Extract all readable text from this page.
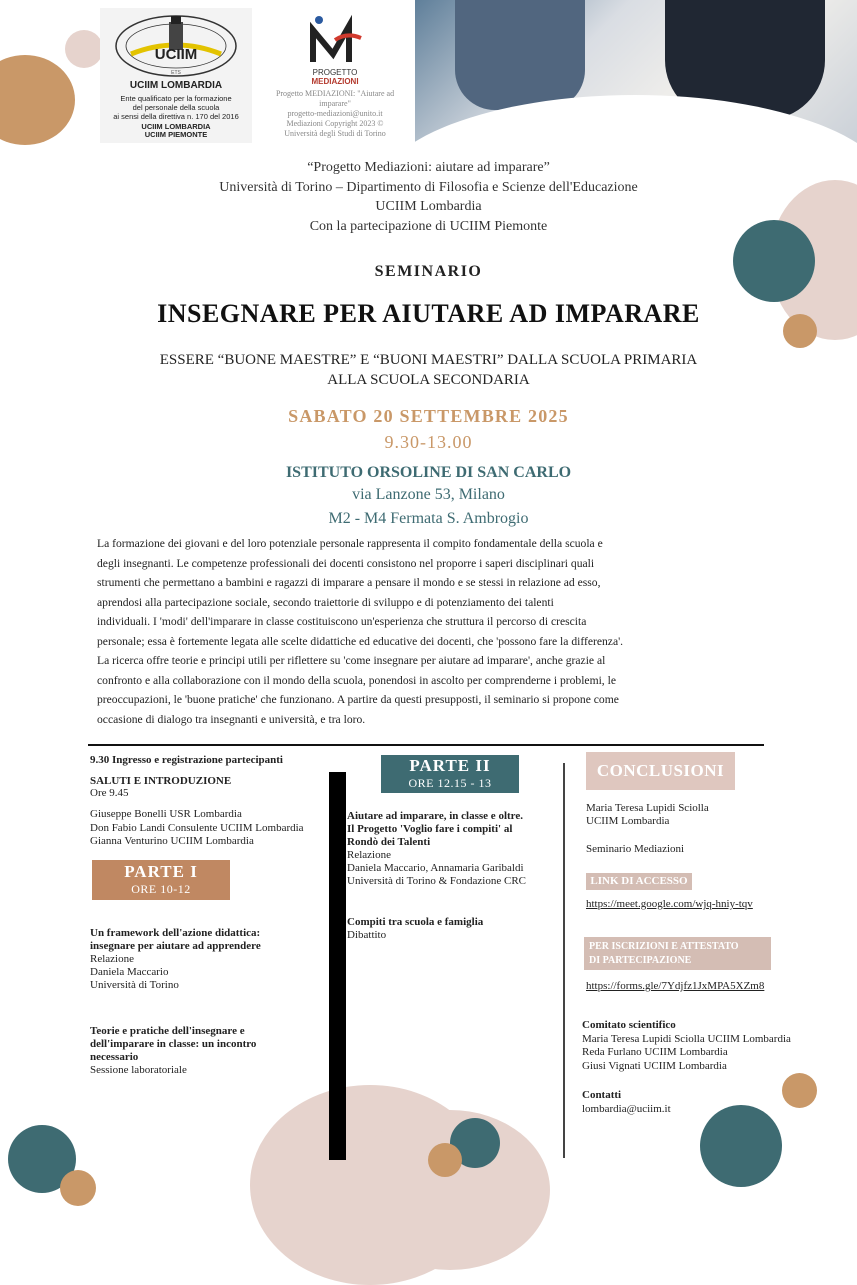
UCIIM
ETS
UCIIM LOMBARDIA
Ente qualificato per la formazione
del personale della scuola
ai sensi della direttiva n. 170 del 2016
UCIIM LOMBARDIA
UCIIM PIEMONTE
PROGETTO
MEDIAZIONI
Progetto MEDIAZIONI: "Aiutare ad
imparare"
progetto-mediazioni@unito.it
Mediazioni Copyright 2023 ©
Università degli Studi di Torino
“Progetto Mediazioni: aiutare ad imparare”
Università di Torino – Dipartimento di Filosofia e Scienze dell'Educazione
UCIIM Lombardia
Con la partecipazione di UCIIM Piemonte
SEMINARIO
INSEGNARE PER AIUTARE AD IMPARARE
ESSERE “BUONE MAESTRE” E “BUONI MAESTRI” DALLA SCUOLA PRIMARIA
ALLA SCUOLA SECONDARIA
SABATO 20 SETTEMBRE 2025
9.30-13.00
ISTITUTO ORSOLINE DI SAN CARLO
via Lanzone 53, Milano
M2 - M4 Fermata S. Ambrogio
La formazione dei giovani e del loro potenziale personale rappresenta il compito fondamentale della scuola e
degli insegnanti. Le competenze professionali dei docenti consistono nel proporre i saperi disciplinari quali
strumenti che permettano a bambini e ragazzi di imparare a pensare il mondo e se stessi in relazione ad esso,
aprendosi alla partecipazione sociale, secondo traiettorie di sviluppo e di potenziamento dei talenti
individuali. I 'modi' dell'imparare in classe costituiscono un'esperienza che struttura il percorso di crescita
personale; essa è fortemente legata alle scelte didattiche ed educative dei docenti, che 'possono fare la differenza'.
La ricerca offre teorie e principi utili per riflettere su 'come insegnare per aiutare ad imparare', anche grazie al
confronto e alla collaborazione con il mondo della scuola, ponendosi in ascolto per comprenderne i problemi, le
preoccupazioni, le 'buone pratiche' che funzionano. A partire da questi presupposti, il seminario si propone come
occasione di dialogo tra insegnanti e università, e tra loro.
9.30 Ingresso e registrazione partecipanti
SALUTI E INTRODUZIONE
Ore 9.45
Giuseppe Bonelli USR Lombardia
Don Fabio Landi Consulente UCIIM Lombardia
Gianna Venturino UCIIM Lombardia
PARTE I
ORE 10-12
Un framework dell'azione didattica:
insegnare per aiutare ad apprendere
Relazione
Daniela Maccario
Università di Torino
Teorie e pratiche dell'insegnare e
dell'imparare in classe: un incontro
necessario
Sessione laboratoriale
PARTE II
ORE 12.15 - 13
Aiutare ad imparare, in classe e oltre.
Il Progetto 'Voglio fare i compiti' al
Rondò dei Talenti
Relazione
Daniela Maccario, Annamaria Garibaldi
Università di Torino & Fondazione CRC
Compiti tra scuola e famiglia
Dibattito
CONCLUSIONI
Maria Teresa Lupidi Sciolla
UCIIM Lombardia
Seminario Mediazioni
LINK DI ACCESSO
https://meet.google.com/wjq-hniy-tqv
PER ISCRIZIONI E ATTESTATO
DI PARTECIPAZIONE
https://forms.gle/7Ydjfz1JxMPA5XZm8
Comitato scientifico
Maria Teresa Lupidi Sciolla UCIIM Lombardia
Reda Furlano UCIIM Lombardia
Giusi Vignati UCIIM Lombardia
Contatti
lombardia@uciim.it
